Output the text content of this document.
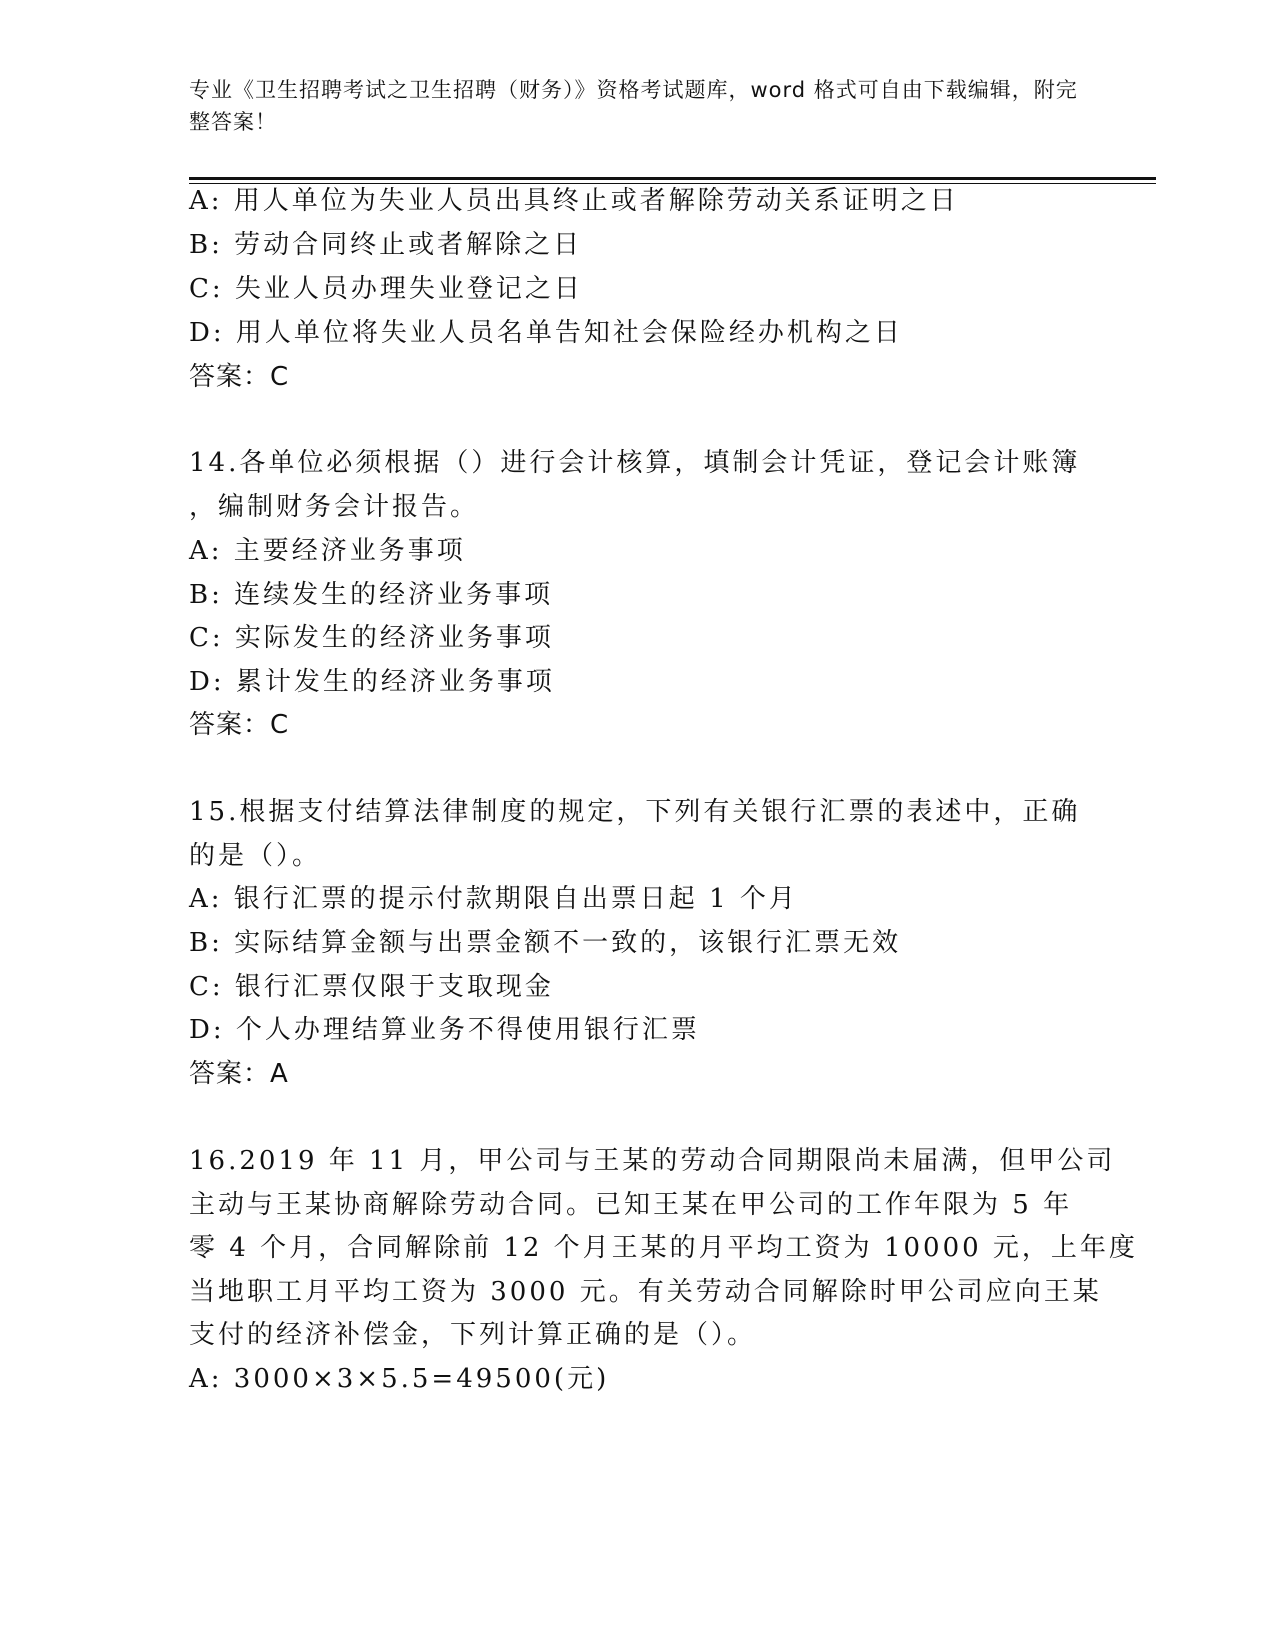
专业《卫生招聘考试之卫生招聘（财务）》资格考试题库，word 格式可自由下载编辑，附完整答案！
A: 用人单位为失业人员出具终止或者解除劳动关系证明之日
B: 劳动合同终止或者解除之日
C: 失业人员办理失业登记之日
D: 用人单位将失业人员名单告知社会保险经办机构之日
答案：C
14.各单位必须根据（）进行会计核算，填制会计凭证，登记会计账簿
，编制财务会计报告。
A: 主要经济业务事项
B: 连续发生的经济业务事项
C: 实际发生的经济业务事项
D: 累计发生的经济业务事项
答案：C
15.根据支付结算法律制度的规定，下列有关银行汇票的表述中，正确
的是（）。
A: 银行汇票的提示付款期限自出票日起 1 个月
B: 实际结算金额与出票金额不一致的，该银行汇票无效
C: 银行汇票仅限于支取现金
D: 个人办理结算业务不得使用银行汇票
答案：A
16.2019 年 11 月，甲公司与王某的劳动合同期限尚未届满，但甲公司
主动与王某协商解除劳动合同。已知王某在甲公司的工作年限为 5 年
零 4 个月，合同解除前 12 个月王某的月平均工资为 10000 元，上年度
当地职工月平均工资为 3000 元。有关劳动合同解除时甲公司应向王某
支付的经济补偿金，下列计算正确的是（）。
A: 3000×3×5.5=49500(元)
